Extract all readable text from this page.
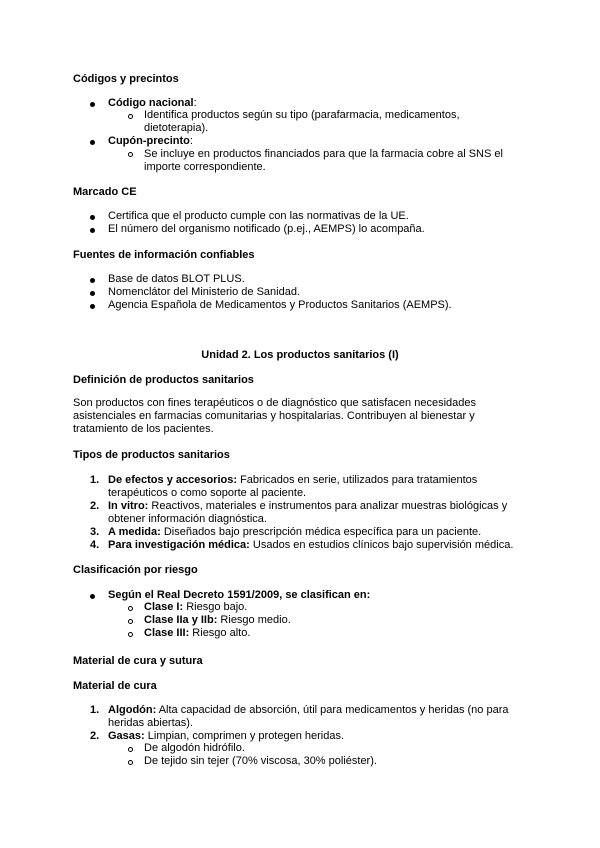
Códigos y precintos
Código nacional:
Identifica productos según su tipo (parafarmacia, medicamentos,
dietoterapia).
Cupón-precinto:
Se incluye en productos financiados para que la farmacia cobre al SNS el
importe correspondiente.
Marcado CE
Certifica que el producto cumple con las normativas de la UE.
El número del organismo notificado (p.ej., AEMPS) lo acompaña.
Fuentes de información confiables
Base de datos BLOT PLUS.
Nomenclátor del Ministerio de Sanidad.
Agencia Española de Medicamentos y Productos Sanitarios (AEMPS).
Unidad 2. Los productos sanitarios (I)
Definición de productos sanitarios
Son productos con fines terapéuticos o de diagnóstico que satisfacen necesidades
asistenciales en farmacias comunitarias y hospitalarias. Contribuyen al bienestar y
tratamiento de los pacientes.
Tipos de productos sanitarios
1. De efectos y accesorios: Fabricados en serie, utilizados para tratamientos
terapéuticos o como soporte al paciente.
2. In vitro: Reactivos, materiales e instrumentos para analizar muestras biológicas y
obtener información diagnóstica.
3. A medida: Diseñados bajo prescripción médica específica para un paciente.
4. Para investigación médica: Usados en estudios clínicos bajo supervisión médica.
Clasificación por riesgo
Según el Real Decreto 1591/2009, se clasifican en:
Clase I: Riesgo bajo.
Clase IIa y IIb: Riesgo medio.
Clase III: Riesgo alto.
Material de cura y sutura
Material de cura
1. Algodón: Alta capacidad de absorción, útil para medicamentos y heridas (no para
heridas abiertas).
2. Gasas: Limpian, comprimen y protegen heridas.
De algodón hidrófilo.
De tejido sin tejer (70% viscosa, 30% poliéster).
